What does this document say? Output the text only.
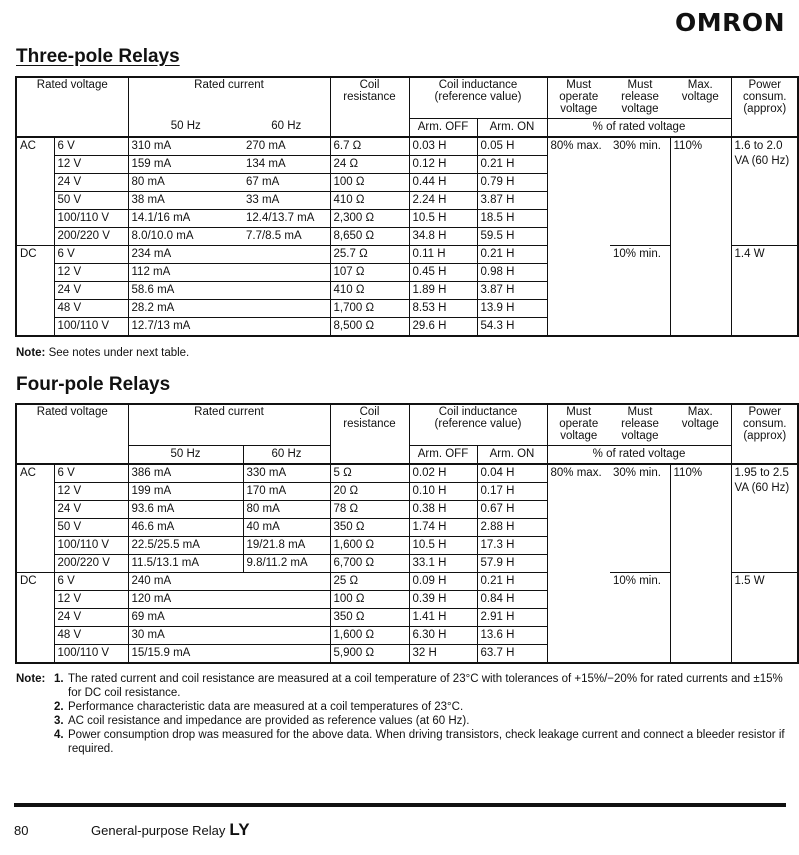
OMRON
Three-pole Relays
Rated voltage		Rated current		Coil resistance	Coil inductance (reference value)		Must operate voltage	Must release voltage	Max. voltage	Power consum. (approx)
		50 Hz	60 Hz		Arm. OFF	Arm. ON	% of rated voltage			
AC	6 V	310 mA	270 mA	6.7 Ω	0.03 H	0.05 H	80% max.	30% min.	110%	1.6 to 2.0 VA (60 Hz)
	12 V	159 mA	134 mA	24 Ω	0.12 H	0.21 H				
	24 V	80 mA	67 mA	100 Ω	0.44 H	0.79 H				
	50 V	38 mA	33 mA	410 Ω	2.24 H	3.87 H				
	100/110 V	14.1/16 mA	12.4/13.7 mA	2,300 Ω	10.5 H	18.5 H				
	200/220 V	8.0/10.0 mA	7.7/8.5 mA	8,650 Ω	34.8 H	59.5 H				
DC	6 V	234 mA		25.7 Ω	0.11 H	0.21 H		10% min.		1.4 W
	12 V	112 mA		107 Ω	0.45 H	0.98 H				
	24 V	58.6 mA		410 Ω	1.89 H	3.87 H				
	48 V	28.2 mA		1,700 Ω	8.53 H	13.9 H				
	100/110 V	12.7/13 mA		8,500 Ω	29.6 H	54.3 H				
Note: See notes under next table.
Four-pole Relays
Rated voltage		Rated current		Coil resistance	Coil inductance (reference value)		Must operate voltage	Must release voltage	Max. voltage	Power consum. (approx)
		50 Hz	60 Hz		Arm. OFF	Arm. ON	% of rated voltage			
AC	6 V	386 mA	330 mA	5 Ω	0.02 H	0.04 H	80% max.	30% min.	110%	1.95 to 2.5 VA (60 Hz)
	12 V	199 mA	170 mA	20 Ω	0.10 H	0.17 H				
	24 V	93.6 mA	80 mA	78 Ω	0.38 H	0.67 H				
	50 V	46.6 mA	40 mA	350 Ω	1.74 H	2.88 H				
	100/110 V	22.5/25.5 mA	19/21.8 mA	1,600 Ω	10.5 H	17.3 H				
	200/220 V	11.5/13.1 mA	9.8/11.2 mA	6,700 Ω	33.1 H	57.9 H				
DC	6 V	240 mA		25 Ω	0.09 H	0.21 H		10% min.		1.5 W
	12 V	120 mA		100 Ω	0.39 H	0.84 H				
	24 V	69 mA		350 Ω	1.41 H	2.91 H				
	48 V	30 mA		1,600 Ω	6.30 H	13.6 H				
	100/110 V	15/15.9 mA		5,900 Ω	32 H	63.7 H				
Note: 1. The rated current and coil resistance are measured at a coil temperature of 23°C with tolerances of +15%/−20% for rated currents and ±15% for DC coil resistance.
2. Performance characteristic data are measured at a coil temperatures of 23°C.
3. AC coil resistance and impedance are provided as reference values (at 60 Hz).
4. Power consumption drop was measured for the above data. When driving transistors, check leakage current and connect a bleeder resistor if required.
80	General-purpose Relay LY
